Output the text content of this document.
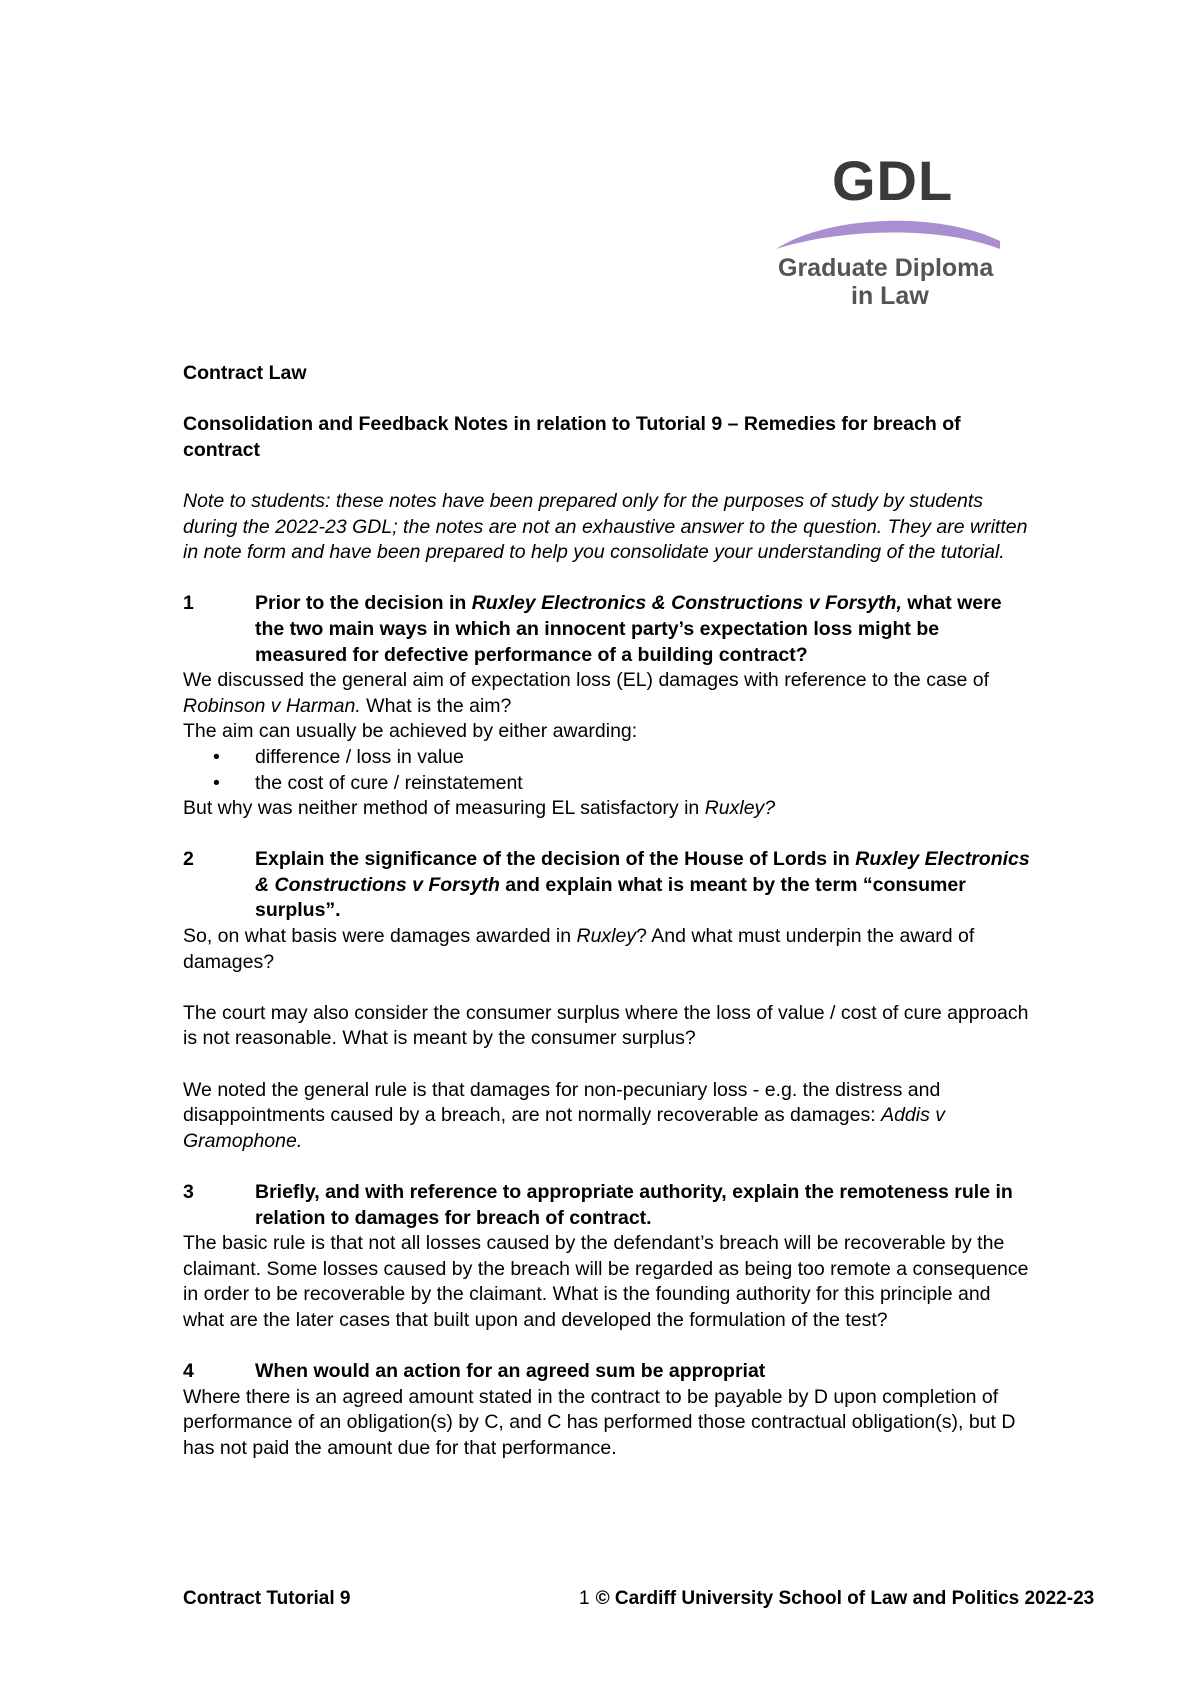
GDL
Graduate Diploma
in Law

Contract Law

Consolidation and Feedback Notes in relation to Tutorial 9 – Remedies for breach of contract

Note to students: these notes have been prepared only for the purposes of study by students during the 2022-23 GDL; the notes are not an exhaustive answer to the question. They are written in note form and have been prepared to help you consolidate your understanding of the tutorial.

1	Prior to the decision in Ruxley Electronics & Constructions v Forsyth, what were the two main ways in which an innocent party’s expectation loss might be measured for defective performance of a building contract?

We discussed the general aim of expectation loss (EL) damages with reference to the case of Robinson v Harman. What is the aim?

The aim can usually be achieved by either awarding:

• difference / loss in value
• the cost of cure / reinstatement

But why was neither method of measuring EL satisfactory in Ruxley?

2	Explain the significance of the decision of the House of Lords in Ruxley Electronics & Constructions v Forsyth and explain what is meant by the term “consumer surplus”.

So, on what basis were damages awarded in Ruxley? And what must underpin the award of damages?

The court may also consider the consumer surplus where the loss of value / cost of cure approach is not reasonable. What is meant by the consumer surplus?

We noted the general rule is that damages for non-pecuniary loss - e.g. the distress and disappointments caused by a breach, are not normally recoverable as damages: Addis v Gramophone.

3	Briefly, and with reference to appropriate authority, explain the remoteness rule in relation to damages for breach of contract.

The basic rule is that not all losses caused by the defendant’s breach will be recoverable by the claimant. Some losses caused by the breach will be regarded as being too remote a consequence in order to be recoverable by the claimant. What is the founding authority for this principle and what are the later cases that built upon and developed the formulation of the test?

4	When would an action for an agreed sum be appropriat

Where there is an agreed amount stated in the contract to be payable by D upon completion of performance of an obligation(s) by C, and C has performed those contractual obligation(s), but D has not paid the amount due for that performance.

Contract Tutorial 9	1 © Cardiff University School of Law and Politics 2022-23
